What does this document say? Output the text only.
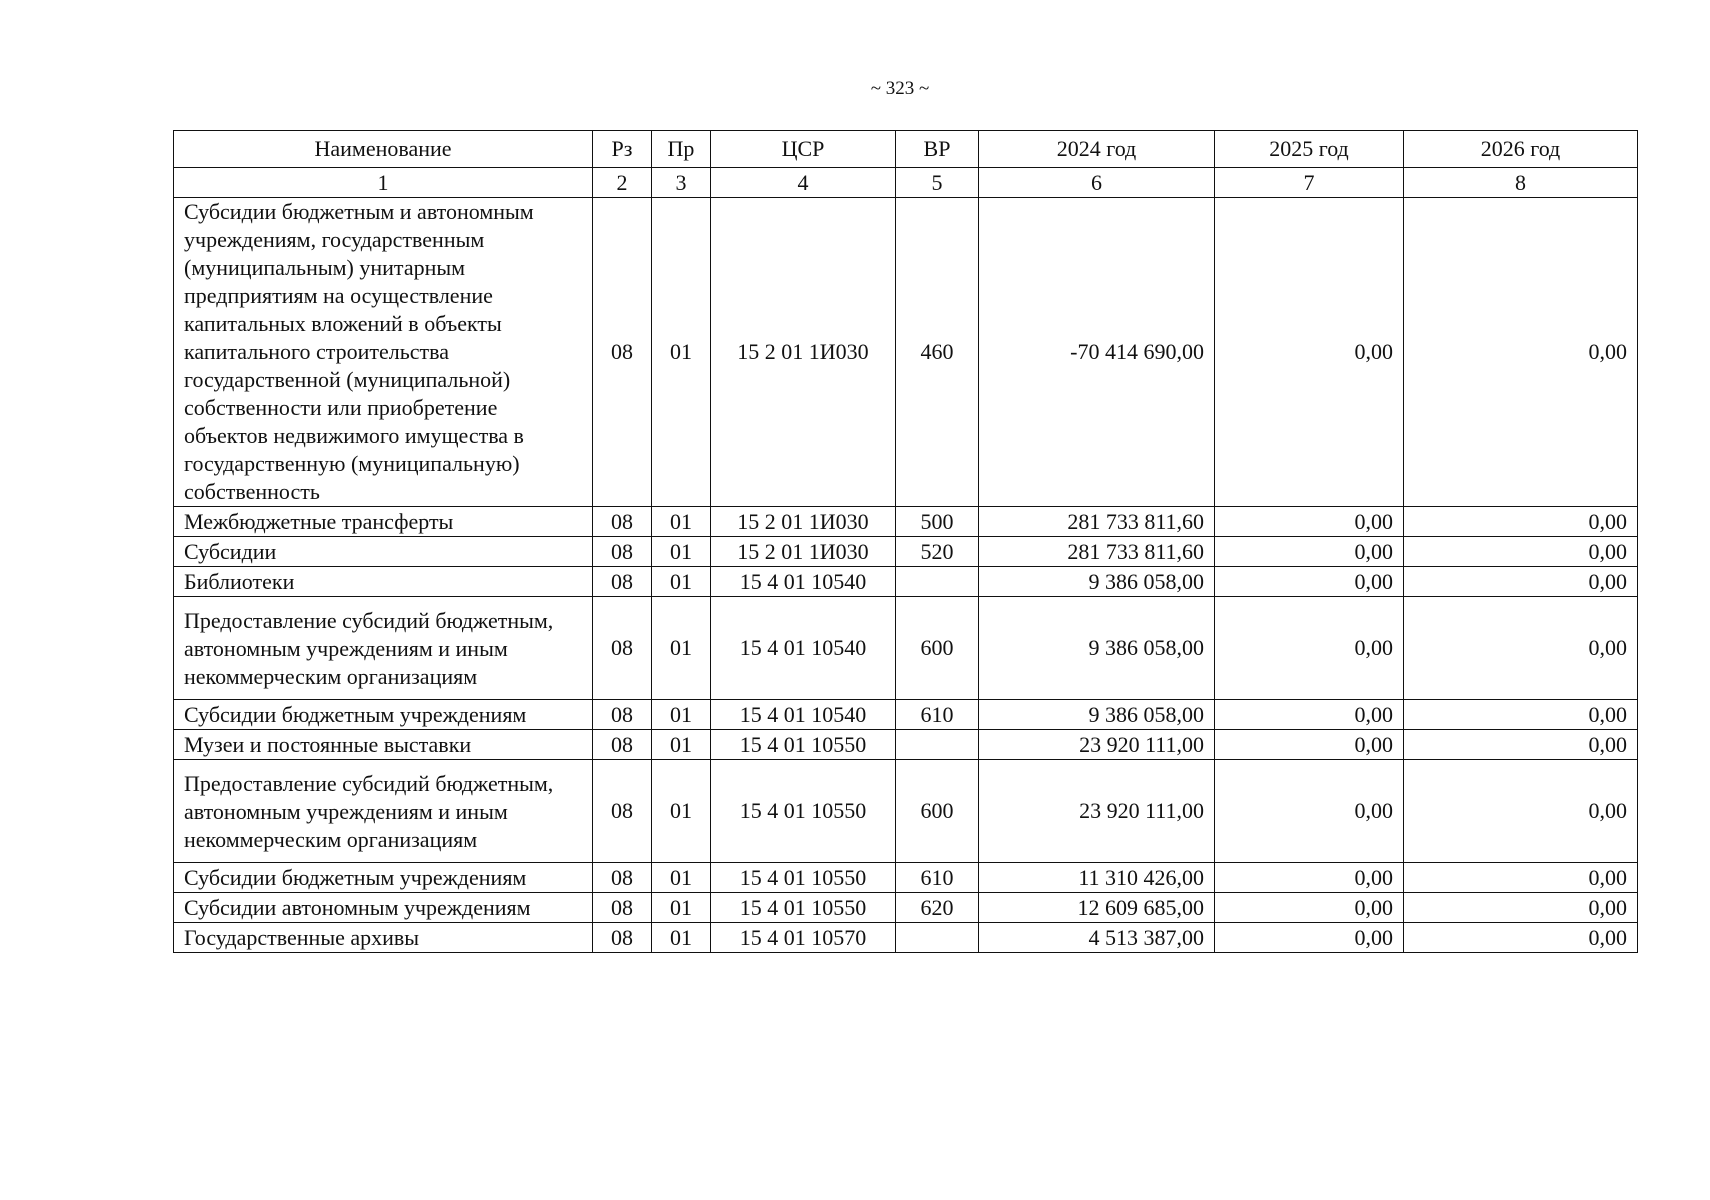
~ 323 ~
Наименование	Рз	Пр	ЦСР	ВР	2024 год	2025 год	2026 год
1	2	3	4	5	6	7	8
Субсидии бюджетным и автономным учреждениям, государственным (муниципальным) унитарным предприятиям на осуществление капитальных вложений в объекты капитального строительства государственной (муниципальной) собственности или приобретение объектов недвижимого имущества в государственную (муниципальную) собственность	08	01	15 2 01 1И030	460	-70 414 690,00	0,00	0,00
Межбюджетные трансферты	08	01	15 2 01 1И030	500	281 733 811,60	0,00	0,00
Субсидии	08	01	15 2 01 1И030	520	281 733 811,60	0,00	0,00
Библиотеки	08	01	15 4 01 10540		9 386 058,00	0,00	0,00
Предоставление субсидий бюджетным, автономным учреждениям и иным некоммерческим организациям	08	01	15 4 01 10540	600	9 386 058,00	0,00	0,00
Субсидии бюджетным учреждениям	08	01	15 4 01 10540	610	9 386 058,00	0,00	0,00
Музеи и постоянные выставки	08	01	15 4 01 10550		23 920 111,00	0,00	0,00
Предоставление субсидий бюджетным, автономным учреждениям и иным некоммерческим организациям	08	01	15 4 01 10550	600	23 920 111,00	0,00	0,00
Субсидии бюджетным учреждениям	08	01	15 4 01 10550	610	11 310 426,00	0,00	0,00
Субсидии автономным учреждениям	08	01	15 4 01 10550	620	12 609 685,00	0,00	0,00
Государственные архивы	08	01	15 4 01 10570		4 513 387,00	0,00	0,00
